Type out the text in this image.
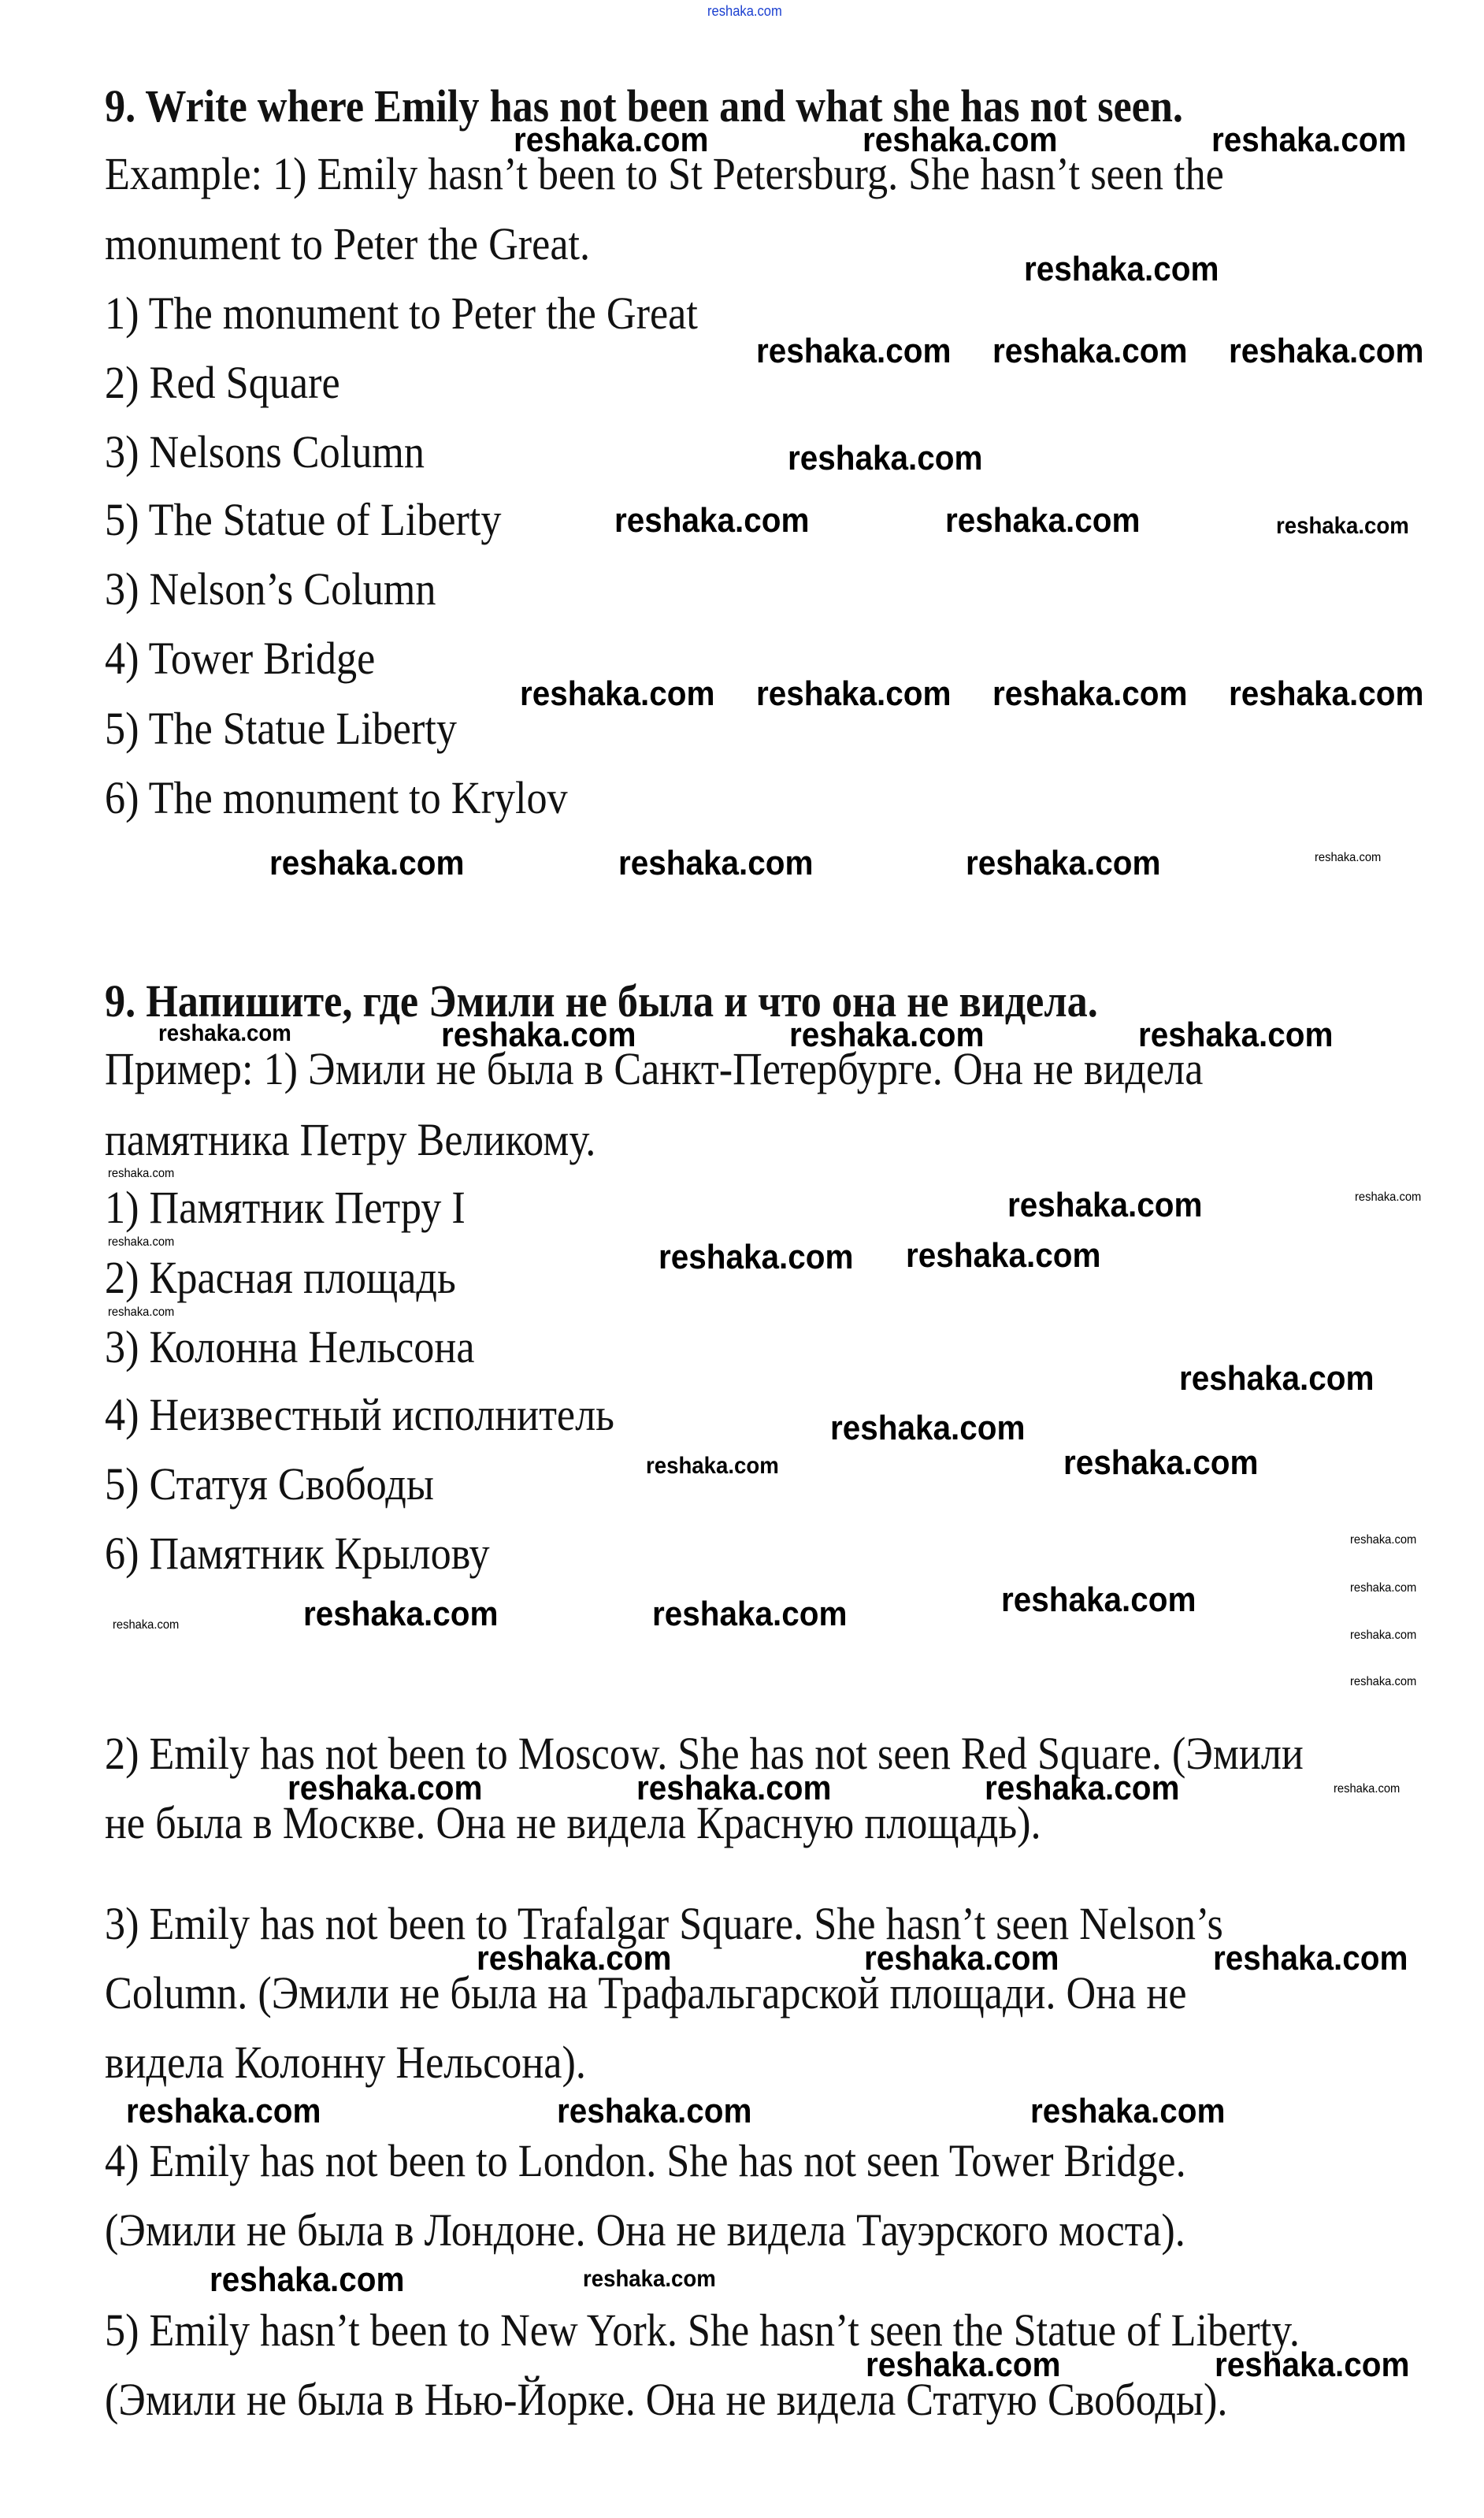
9. Write where Emily has not been and what she has not seen.
Example: 1) Emily hasn’t been to St Petersburg. She hasn’t seen the
monument to Peter the Great.
1) The monument to Peter the Great
2) Red Square
3) Nelsons Column
5) The Statue of Liberty
3) Nelson’s Column
4) Tower Bridge
5) The Statue Liberty
6) The monument to Krylov
9. Напишите, где Эмили не была и что она не видела.
Пример: 1) Эмили не была в Санкт-Петербурге. Она не видела
памятника Петру Великому.
1) Памятник Петру I
2) Красная площадь
3) Колонна Нельсона
4) Неизвестный исполнитель
5) Статуя Свободы
6) Памятник Крылову
2) Emily has not been to Moscow. She has not seen Red Square. (Эмили
не была в Москве. Она не видела Красную площадь).
3) Emily has not been to Trafalgar Square. She hasn’t seen Nelson’s
Column. (Эмили не была на Трафальгарской площади. Она не
видела Колонну Нельсона).
4) Emily has not been to London. She has not seen Tower Bridge.
(Эмили не была в Лондоне. Она не видела Тауэрского моста).
5) Emily hasn’t been to New York. She hasn’t seen the Statue of Liberty.
(Эмили не была в Нью-Йорке. Она не видела Статую Свободы).
reshaka.com
reshaka.com	reshaka.com	reshaka.com
reshaka.com
reshaka.com reshaka.com reshaka.com
reshaka.com
reshaka.com	reshaka.com	reshaka.com
reshaka.com reshaka.com reshaka.com reshaka.com
reshaka.com	reshaka.com	reshaka.com	reshaka.com
reshaka.com	reshaka.com	reshaka.com	reshaka.com
reshaka.com
reshaka.com	reshaka.com
reshaka.com	reshaka.com
reshaka.com
reshaka.com
reshaka.com
reshaka.com
reshaka.com	reshaka.com
reshaka.com
reshaka.com
reshaka.com
reshaka.com
reshaka.com	reshaka.com	reshaka.com	reshaka.com
reshaka.com	reshaka.com	reshaka.com	reshaka.com
reshaka.com	reshaka.com	reshaka.com
reshaka.com	reshaka.com	reshaka.com
reshaka.com	reshaka.com
reshaka.com	reshaka.com
